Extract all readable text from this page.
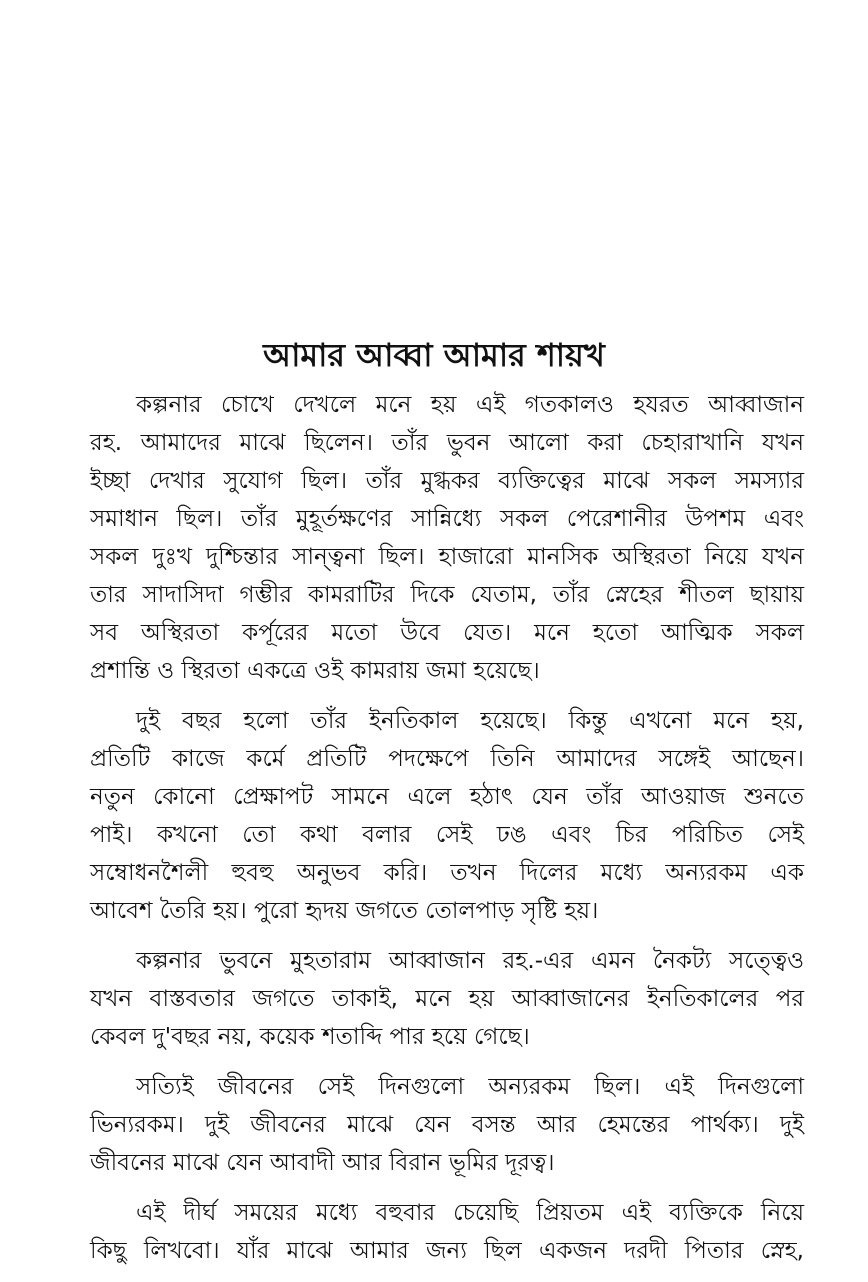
আমার আব্বা আমার শায়খ

কল্পনার চোখে দেখলে মনে হয় এই গতকালও হযরত আব্বাজান
রহ. আমাদের মাঝে ছিলেন। তাঁর ভুবন আলো করা চেহারাখানি যখন
ইচ্ছা দেখার সুযোগ ছিল। তাঁর মুগ্ধকর ব্যক্তিত্বের মাঝে সকল সমস্যার
সমাধান ছিল। তাঁর মুহূর্তক্ষণের সান্নিধ্যে সকল পেরেশানীর উপশম এবং
সকল দুঃখ দুশ্চিন্তার সান্ত্বনা ছিল। হাজারো মানসিক অস্থিরতা নিয়ে যখন
তার সাদাসিদা গম্ভীর কামরাটির দিকে যেতাম, তাঁর স্নেহের শীতল ছায়ায়
সব অস্থিরতা কর্পূরের মতো উবে যেত। মনে হতো আত্মিক সকল
প্রশান্তি ও স্থিরতা একত্রে ওই কামরায় জমা হয়েছে।

দুই বছর হলো তাঁর ইনতিকাল হয়েছে। কিন্তু এখনো মনে হয়,
প্রতিটি কাজে কর্মে প্রতিটি পদক্ষেপে তিনি আমাদের সঙ্গেই আছেন।
নতুন কোনো প্রেক্ষাপট সামনে এলে হঠাৎ যেন তাঁর আওয়াজ শুনতে
পাই। কখনো তো কথা বলার সেই ঢঙ এবং চির পরিচিত সেই
সম্বোধনশৈলী হুবহু অনুভব করি। তখন দিলের মধ্যে অন্যরকম এক
আবেশ তৈরি হয়। পুরো হৃদয় জগতে তোলপাড় সৃষ্টি হয়।

কল্পনার ভুবনে মুহতারাম আব্বাজান রহ.-এর এমন নৈকট্য সত্ত্বেও
যখন বাস্তবতার জগতে তাকাই, মনে হয় আব্বাজানের ইনতিকালের পর
কেবল দু'বছর নয়, কয়েক শতাব্দি পার হয়ে গেছে।

সত্যিই জীবনের সেই দিনগুলো অন্যরকম ছিল। এই দিনগুলো
ভিন্যরকম। দুই জীবনের মাঝে যেন বসন্ত আর হেমন্তের পার্থক্য। দুই
জীবনের মাঝে যেন আবাদী আর বিরান ভূমির দূরত্ব।

এই দীর্ঘ সময়ের মধ্যে বহুবার চেয়েছি প্রিয়তম এই ব্যক্তিকে নিয়ে
কিছু লিখবো। যাঁর মাঝে আমার জন্য ছিল একজন দরদী পিতার স্নেহ,
